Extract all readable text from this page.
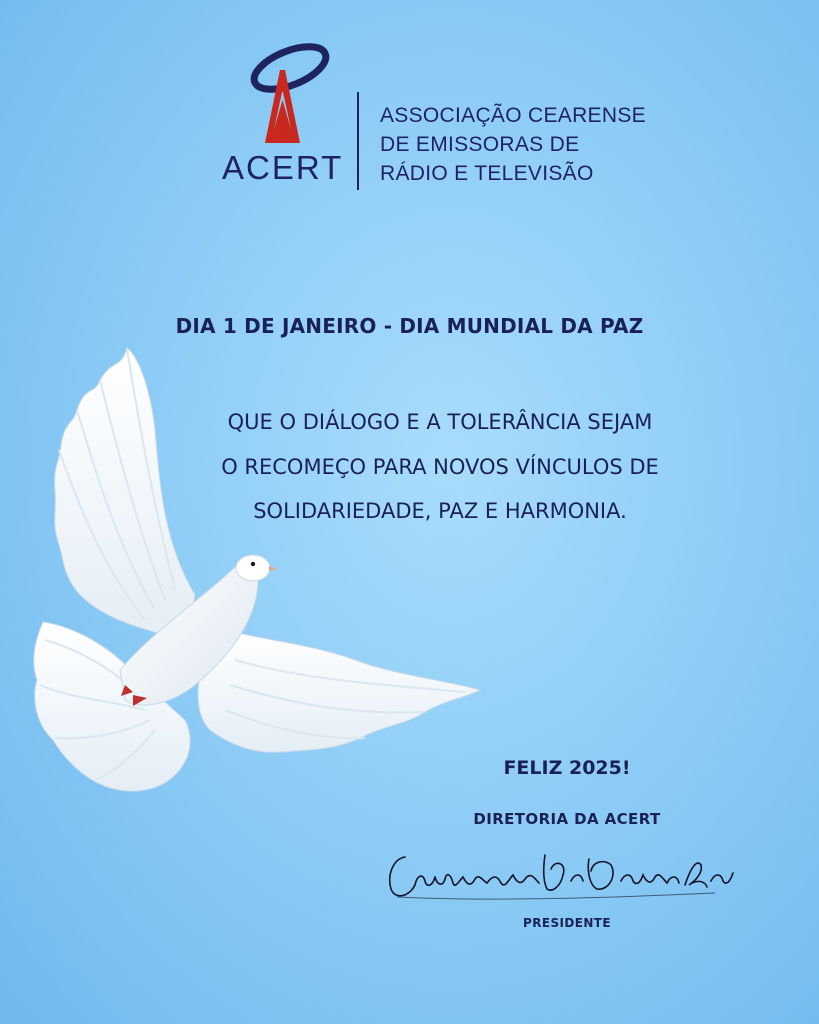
ACERT
ASSOCIAÇÃO CEARENSE
DE EMISSORAS DE
RÁDIO E TELEVISÃO
DIA 1 DE JANEIRO - DIA MUNDIAL DA PAZ
QUE O DIÁLOGO E A TOLERÂNCIA SEJAM
O RECOMEÇO PARA NOVOS VÍNCULOS DE
SOLIDARIEDADE, PAZ E HARMONIA.
FELIZ 2025!
DIRETORIA DA ACERT
PRESIDENTE
